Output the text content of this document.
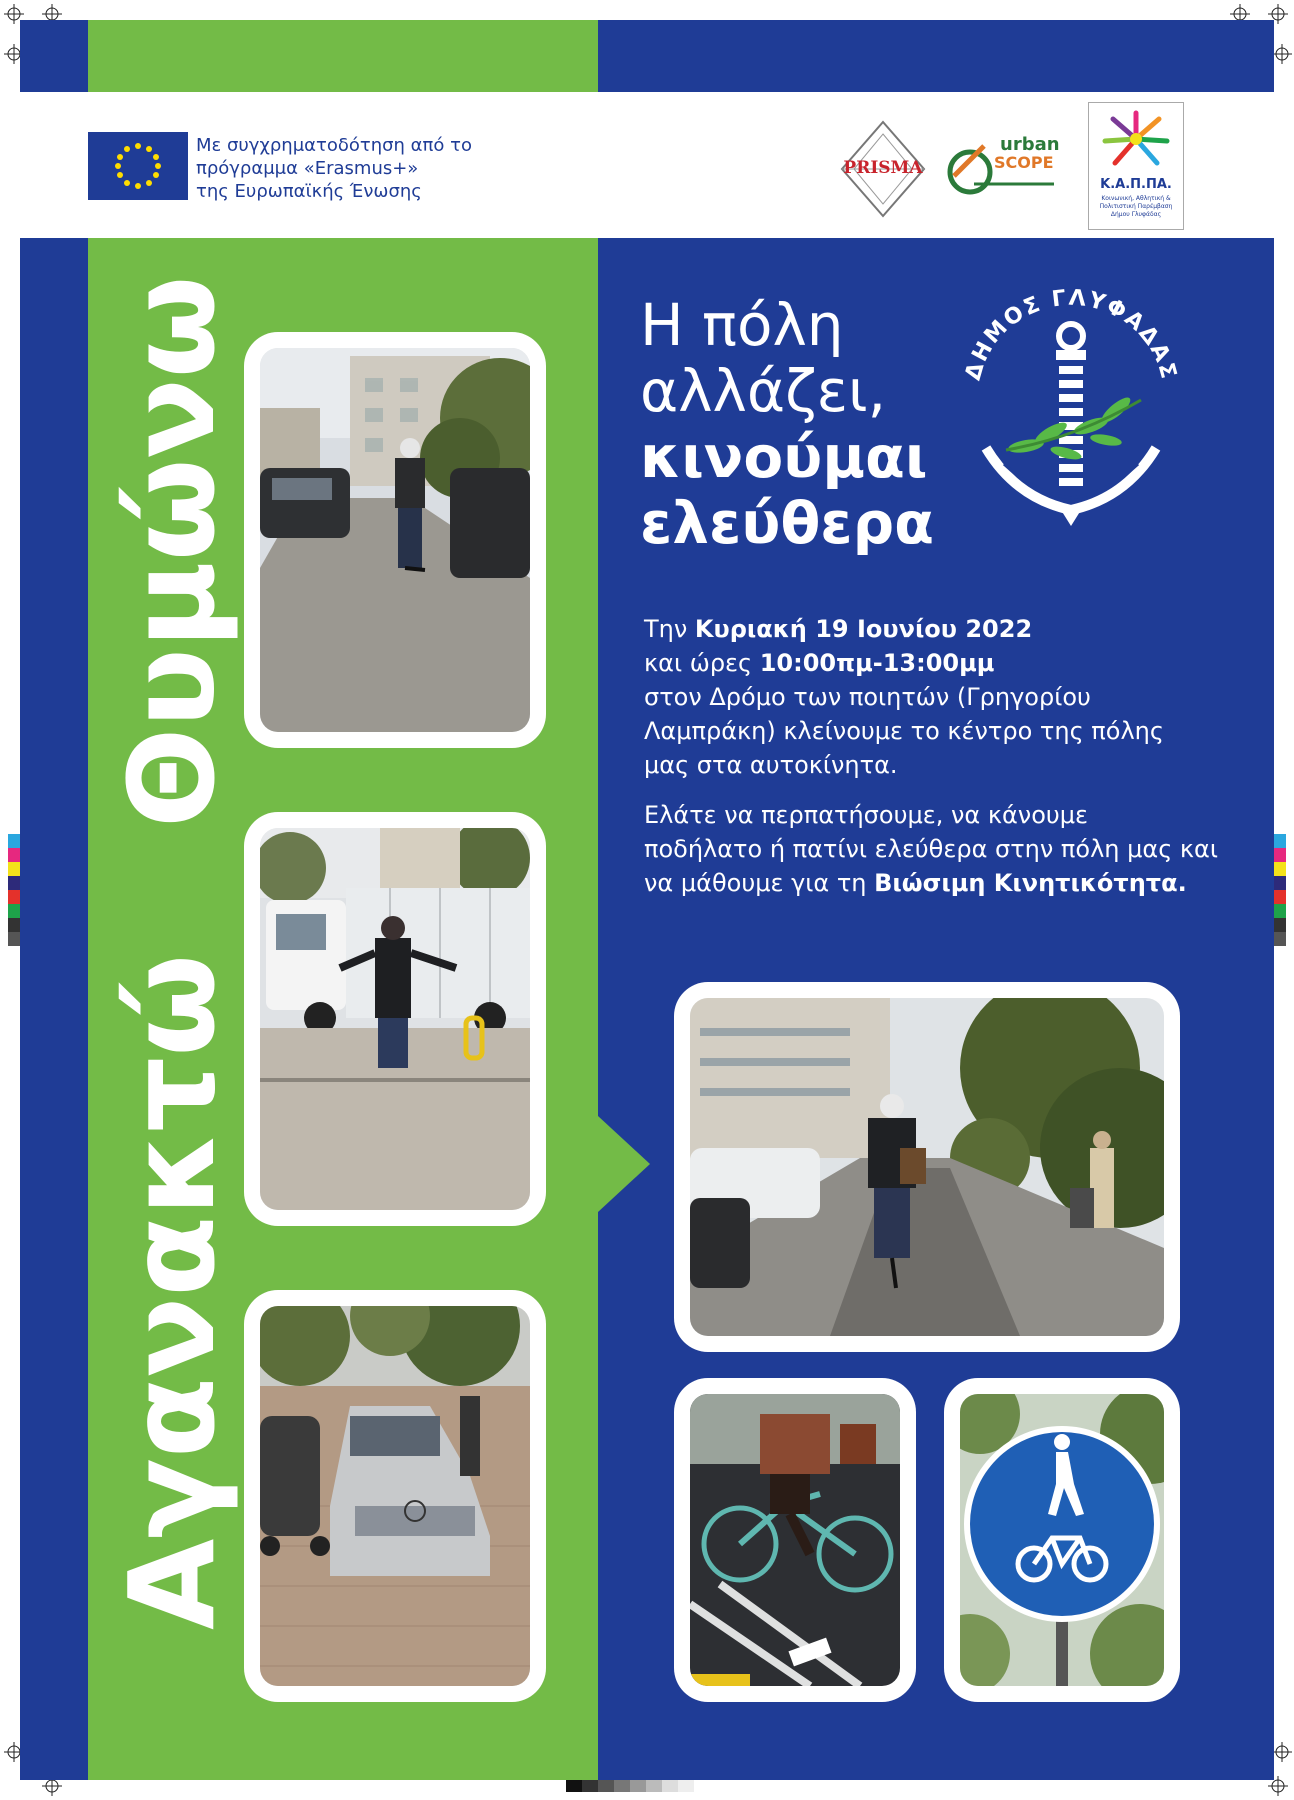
Με συγχρηματοδότηση από το
πρόγραμμα «Erasmus+»
της Ευρωπαϊκής Ένωσης
PRISMA
urban
SCOPE
Κ.Α.Π.ΠΑ.
Κοινωνική, Αθλητική &
Πολιτιστική Παρέμβαση
Δήμου Γλυφάδας
Αγανακτώ
Θυμώνω	Η πόλη
αλλάζει,
κινούμαι
ελεύθερα
ΔΗΜΟΣ ΓΛΥΦΑΔΑΣ
Την Κυριακή 19 Ιουνίου 2022
και ώρες 10:00πμ-13:00μμ
στον Δρόμο των ποιητών (Γρηγορίου
Λαμπράκη) κλείνουμε το κέντρο της πόλης
μας στα αυτοκίνητα.
Ελάτε να περπατήσουμε, να κάνουμε
ποδήλατο ή πατίνι ελεύθερα στην πόλη μας και
να μάθουμε για τη Βιώσιμη Κινητικότητα.
